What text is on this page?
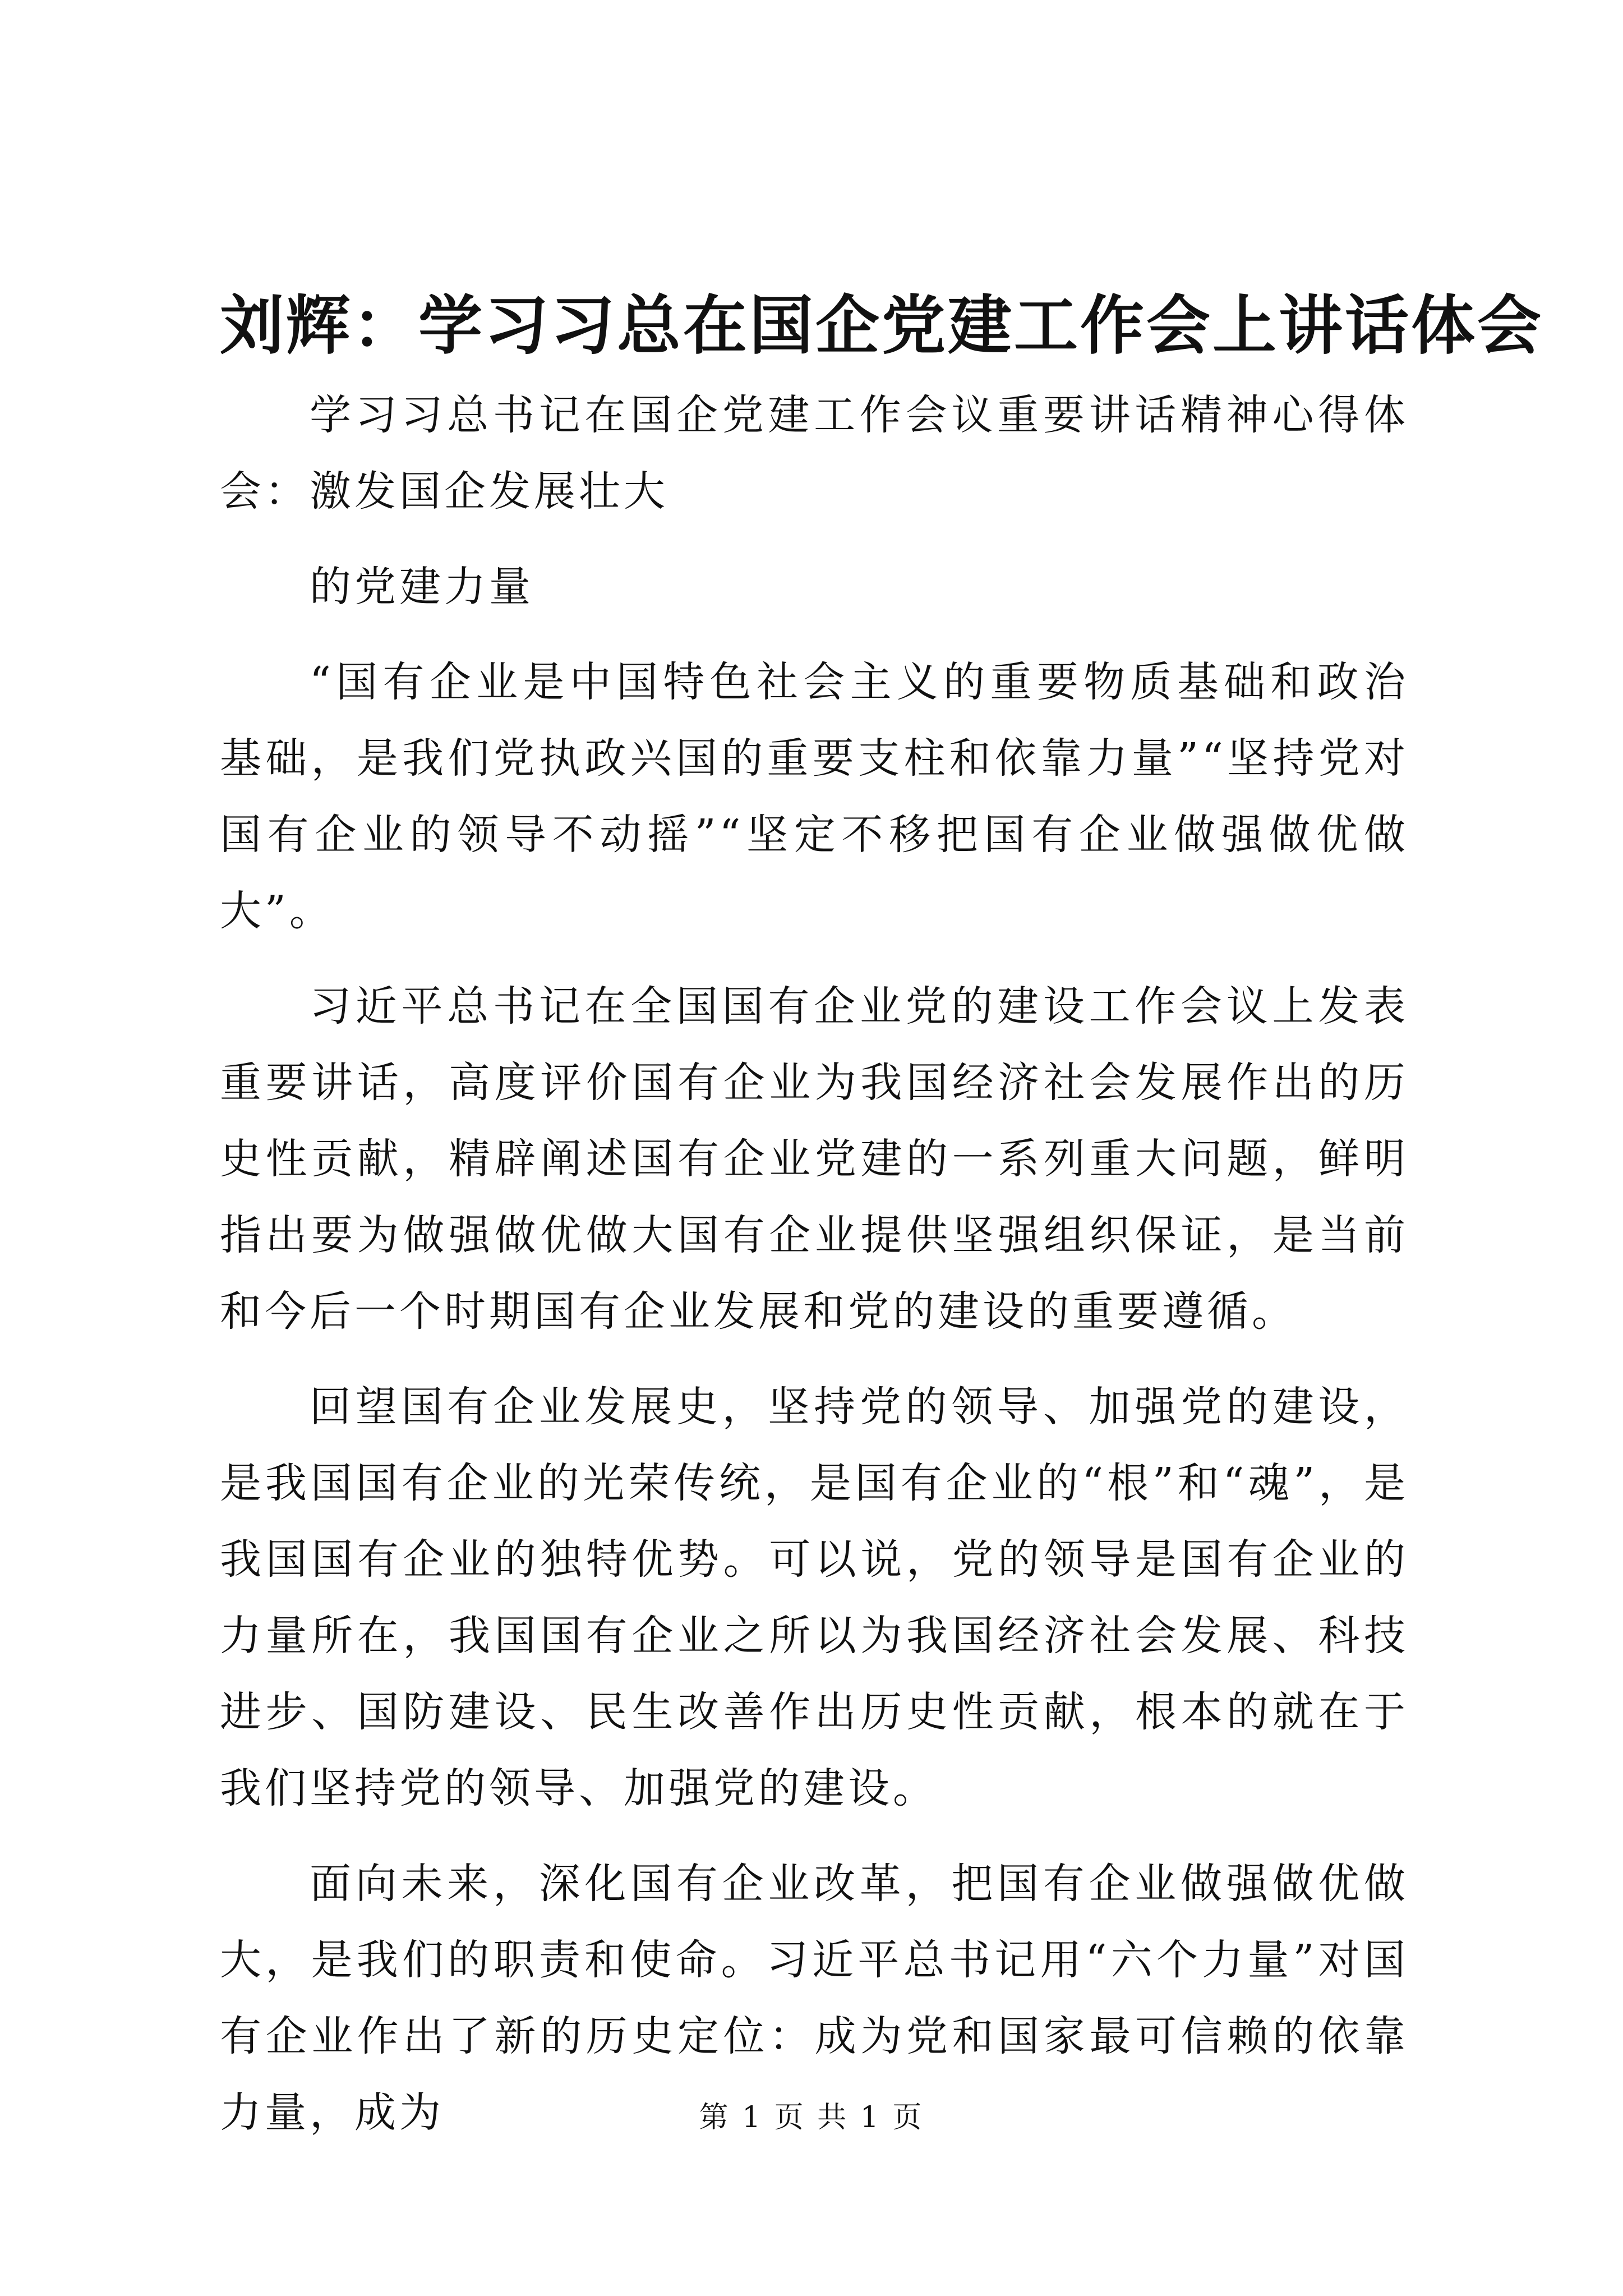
刘辉：学习习总在国企党建工作会上讲话体会

学习习总书记在国企党建工作会议重要讲话精神心得体会：激发国企发展壮大

的党建力量

“国有企业是中国特色社会主义的重要物质基础和政治基础，是我们党执政兴国的重要支柱和依靠力量”“坚持党对国有企业的领导不动摇”“坚定不移把国有企业做强做优做大”。

习近平总书记在全国国有企业党的建设工作会议上发表重要讲话，高度评价国有企业为我国经济社会发展作出的历史性贡献，精辟阐述国有企业党建的一系列重大问题，鲜明指出要为做强做优做大国有企业提供坚强组织保证，是当前和今后一个时期国有企业发展和党的建设的重要遵循。

回望国有企业发展史，坚持党的领导、加强党的建设，是我国国有企业的光荣传统，是国有企业的“根”和“魂”，是我国国有企业的独特优势。可以说，党的领导是国有企业的力量所在，我国国有企业之所以为我国经济社会发展、科技进步、国防建设、民生改善作出历史性贡献，根本的就在于我们坚持党的领导、加强党的建设。

面向未来，深化国有企业改革，把国有企业做强做优做大，是我们的职责和使命。习近平总书记用“六个力量”对国有企业作出了新的历史定位：成为党和国家最可信赖的依靠力量，成为	第 1 页 共 1 页
